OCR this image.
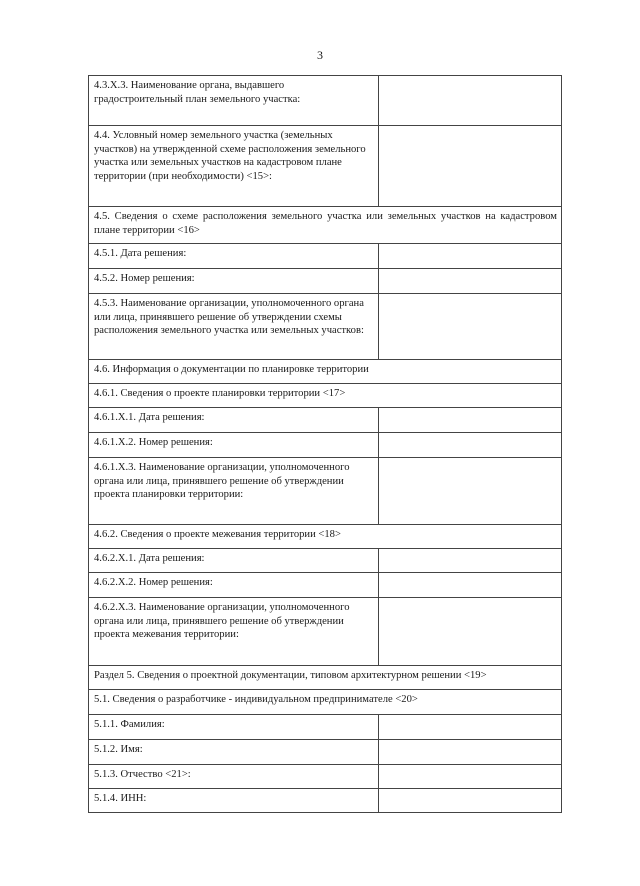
3
4.3.X.3. Наименование органа, выдавшего градостроительный план земельного участка:	
4.4. Условный номер земельного участка (земельных участков) на утвержденной схеме расположения земельного участка или земельных участков на кадастровом плане территории (при необходимости) <15>:	
4.5. Сведения о схеме расположения земельного участка или земельных участков на кадастровом плане территории <16>	
4.5.1. Дата решения:	
4.5.2. Номер решения:	
4.5.3. Наименование организации, уполномоченного органа или лица, принявшего решение об утверждении схемы расположения земельного участка или земельных участков:	
4.6. Информация о документации по планировке территории	
4.6.1. Сведения о проекте планировки территории <17>	
4.6.1.X.1. Дата решения:	
4.6.1.X.2. Номер решения:	
4.6.1.X.3. Наименование организации, уполномоченного органа или лица, принявшего решение об утверждении проекта планировки территории:	
4.6.2. Сведения о проекте межевания территории <18>	
4.6.2.X.1. Дата решения:	
4.6.2.X.2. Номер решения:	
4.6.2.X.3. Наименование организации, уполномоченного органа или лица, принявшего решение об утверждении проекта межевания территории:	
Раздел 5. Сведения о проектной документации, типовом архитектурном решении <19>	
5.1. Сведения о разработчике - индивидуальном предпринимателе <20>	
5.1.1. Фамилия:	
5.1.2. Имя:	
5.1.3. Отчество <21>:	
5.1.4. ИНН:	
